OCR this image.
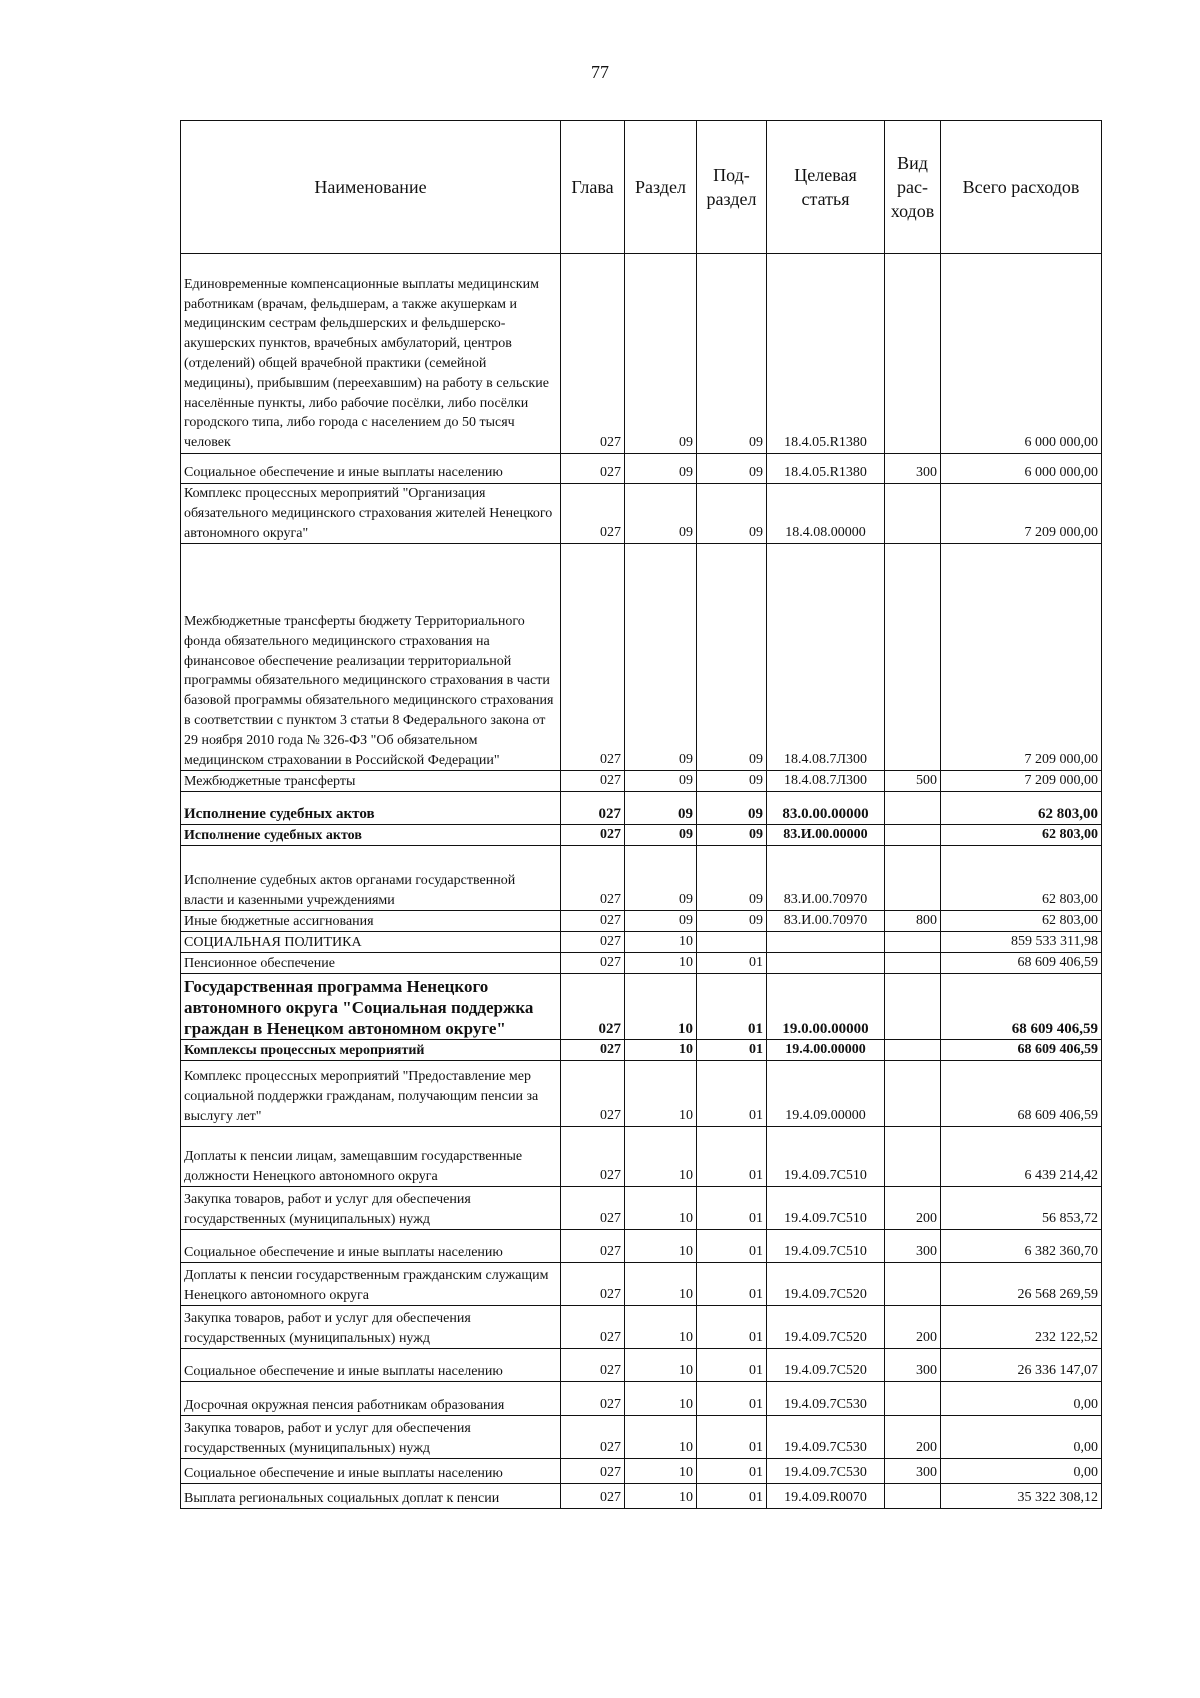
77
Наименование	Глава	Раздел	Под-раздел	Целевая статья	Вид рас-ходов	Всего расходов
Единовременные компенсационные выплаты медицинским работникам (врачам, фельдшерам, а также акушеркам и медицинским сестрам фельдшерских и фельдшерско-акушерских пунктов, врачебных амбулаторий, центров (отделений) общей врачебной практики (семейной медицины), прибывшим (переехавшим) на работу в сельские населённые пункты, либо рабочие посёлки, либо посёлки городского типа, либо города с населением до 50 тысяч человек	027	09	09	18.4.05.R1380		6 000 000,00
Социальное обеспечение и иные выплаты населению	027	09	09	18.4.05.R1380	300	6 000 000,00
Комплекс процессных мероприятий "Организация обязательного медицинского страхования жителей Ненецкого автономного округа"	027	09	09	18.4.08.00000		7 209 000,00
Межбюджетные трансферты бюджету Территориального фонда обязательного медицинского страхования на финансовое обеспечение реализации территориальной программы обязательного медицинского страхования в части базовой программы обязательного медицинского страхования в соответствии с пунктом 3 статьи 8 Федерального закона от 29 ноября 2010 года № 326-ФЗ "Об обязательном медицинском страховании в Российской Федерации"	027	09	09	18.4.08.7Л300		7 209 000,00
Межбюджетные трансферты	027	09	09	18.4.08.7Л300	500	7 209 000,00
Исполнение судебных актов	027	09	09	83.0.00.00000		62 803,00
Исполнение судебных актов	027	09	09	83.И.00.00000		62 803,00
Исполнение судебных актов органами государственной власти и казенными учреждениями	027	09	09	83.И.00.70970		62 803,00
Иные бюджетные ассигнования	027	09	09	83.И.00.70970	800	62 803,00
СОЦИАЛЬНАЯ ПОЛИТИКА	027	10				859 533 311,98
Пенсионное обеспечение	027	10	01			68 609 406,59
Государственная программа Ненецкого автономного округа "Социальная поддержка граждан в Ненецком автономном округе"	027	10	01	19.0.00.00000		68 609 406,59
Комплексы процессных мероприятий	027	10	01	19.4.00.00000		68 609 406,59
Комплекс процессных мероприятий "Предоставление мер социальной поддержки гражданам, получающим пенсии за выслугу лет"	027	10	01	19.4.09.00000		68 609 406,59
Доплаты к пенсии лицам, замещавшим государственные должности Ненецкого автономного округа	027	10	01	19.4.09.7С510		6 439 214,42
Закупка товаров, работ и услуг для обеспечения государственных (муниципальных) нужд	027	10	01	19.4.09.7С510	200	56 853,72
Социальное обеспечение и иные выплаты населению	027	10	01	19.4.09.7С510	300	6 382 360,70
Доплаты к пенсии государственным гражданским служащим Ненецкого автономного округа	027	10	01	19.4.09.7С520		26 568 269,59
Закупка товаров, работ и услуг для обеспечения государственных (муниципальных) нужд	027	10	01	19.4.09.7С520	200	232 122,52
Социальное обеспечение и иные выплаты населению	027	10	01	19.4.09.7С520	300	26 336 147,07
Досрочная окружная пенсия работникам образования	027	10	01	19.4.09.7С530		0,00
Закупка товаров, работ и услуг для обеспечения государственных (муниципальных) нужд	027	10	01	19.4.09.7С530	200	0,00
Социальное обеспечение и иные выплаты населению	027	10	01	19.4.09.7С530	300	0,00
Выплата региональных социальных доплат к пенсии	027	10	01	19.4.09.R0070		35 322 308,12
